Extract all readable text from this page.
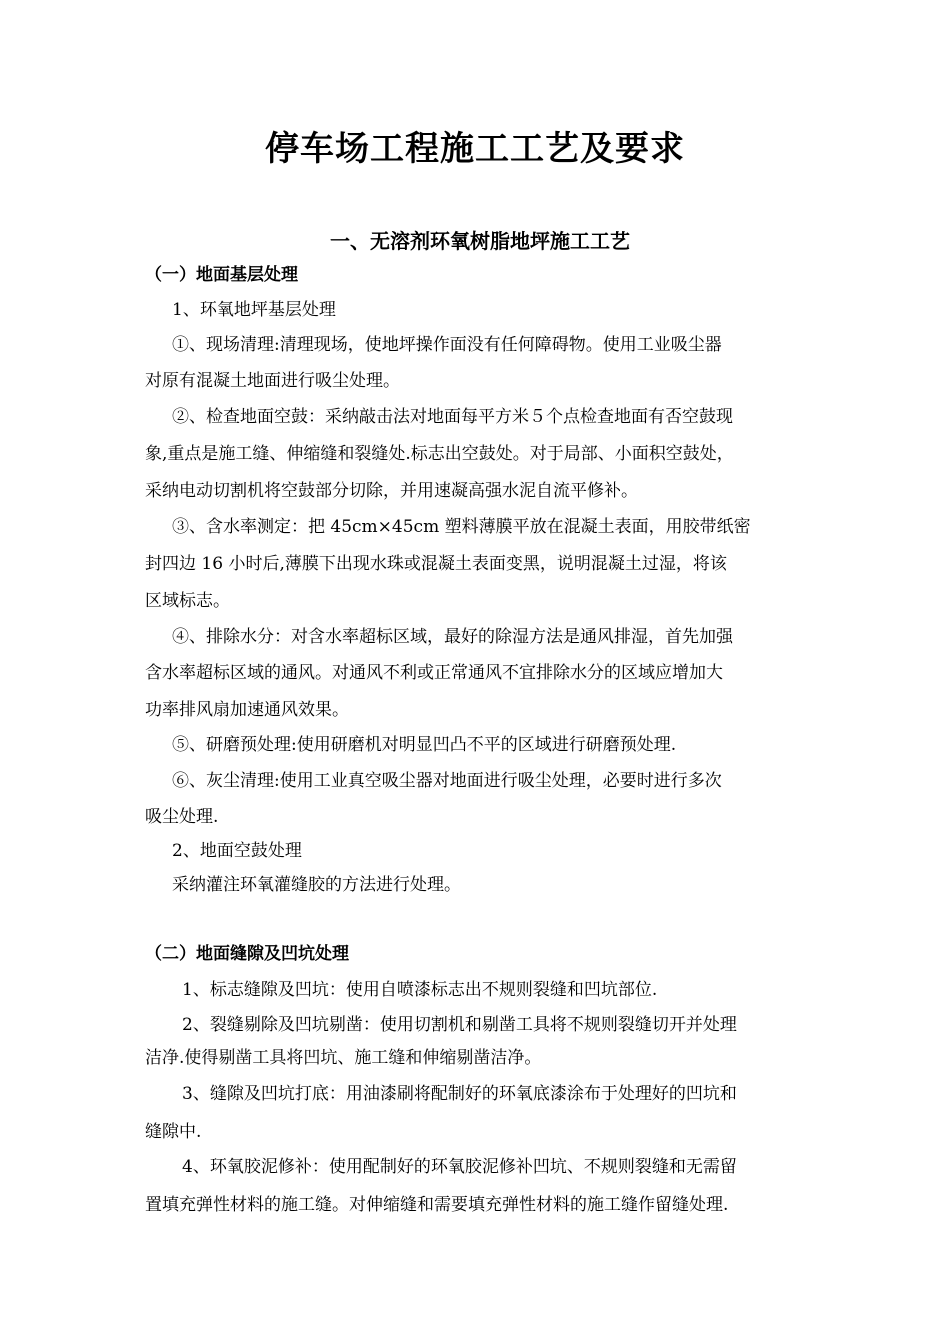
停车场工程施工工艺及要求
一、无溶剂环氧树脂地坪施工工艺
（一）地面基层处理
1、环氧地坪基层处理
①、现场清理:清理现场，使地坪操作面没有任何障碍物。使用工业吸尘器
对原有混凝土地面进行吸尘处理。
②、检查地面空鼓：采纳敲击法对地面每平方米５个点检查地面有否空鼓现
象,重点是施工缝、伸缩缝和裂缝处.标志出空鼓处。对于局部、小面积空鼓处，
采纳电动切割机将空鼓部分切除，并用速凝高强水泥自流平修补。
③、含水率测定：把 45cm×45cm 塑料薄膜平放在混凝土表面，用胶带纸密
封四边 16 小时后,薄膜下出现水珠或混凝土表面变黑，说明混凝土过湿，将该
区域标志。
④、排除水分：对含水率超标区域，最好的除湿方法是通风排湿，首先加强
含水率超标区域的通风。对通风不利或正常通风不宜排除水分的区域应增加大
功率排风扇加速通风效果。
⑤、研磨预处理:使用研磨机对明显凹凸不平的区域进行研磨预处理.
⑥、灰尘清理:使用工业真空吸尘器对地面进行吸尘处理，必要时进行多次
吸尘处理.
2、地面空鼓处理
采纳灌注环氧灌缝胶的方法进行处理。
（二）地面缝隙及凹坑处理
1、标志缝隙及凹坑：使用自喷漆标志出不规则裂缝和凹坑部位.
2、裂缝剔除及凹坑剔凿：使用切割机和剔凿工具将不规则裂缝切开并处理
洁净.使得剔凿工具将凹坑、施工缝和伸缩剔凿洁净。
3、缝隙及凹坑打底：用油漆刷将配制好的环氧底漆涂布于处理好的凹坑和
缝隙中.
4、环氧胶泥修补：使用配制好的环氧胶泥修补凹坑、不规则裂缝和无需留
置填充弹性材料的施工缝。对伸缩缝和需要填充弹性材料的施工缝作留缝处理.
